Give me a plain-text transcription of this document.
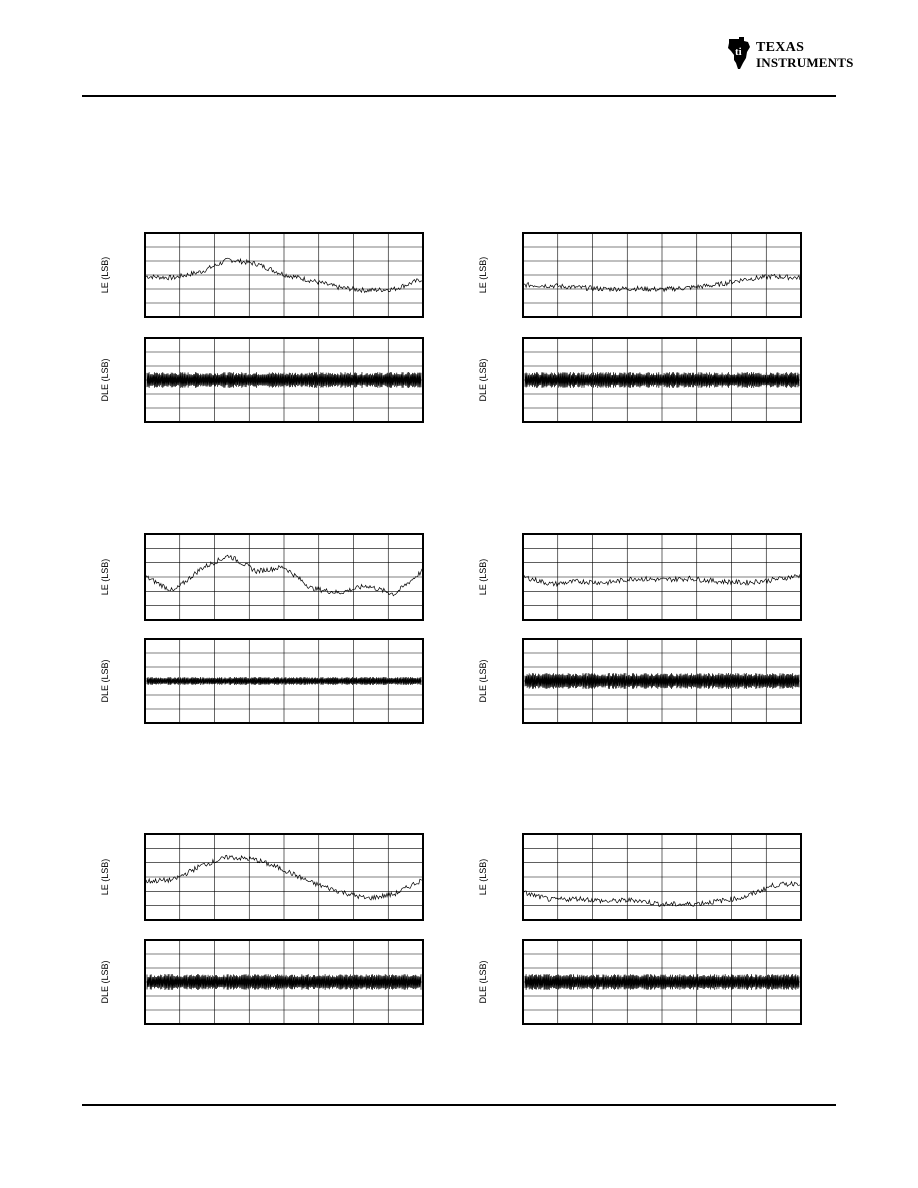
ti TEXAS
INSTRUMENTS
LE (LSB)
DLE (LSB)
LE (LSB)
DLE (LSB)
LE (LSB)
DLE (LSB)
LE (LSB)
DLE (LSB)
LE (LSB)
DLE (LSB)
LE (LSB)
DLE (LSB)
